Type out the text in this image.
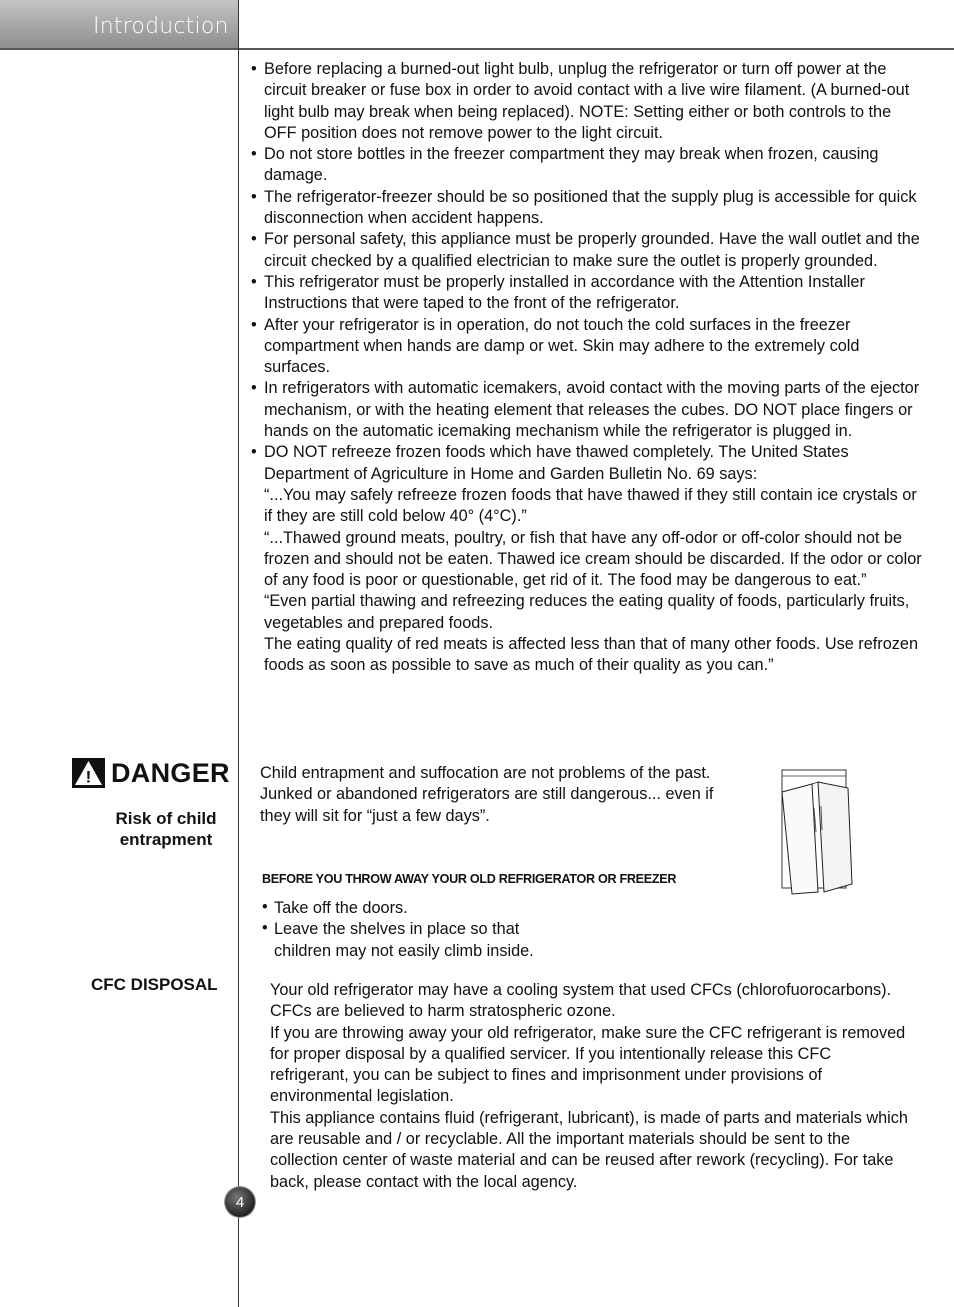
Introduction

• Before replacing a burned-out light bulb, unplug the refrigerator or turn off power at the circuit breaker or fuse box in order to avoid contact with a live wire filament. (A burned-out light bulb may break when being replaced). NOTE: Setting either or both controls to the OFF position does not remove power to the light circuit.

• Do not store bottles in the freezer compartment they may break when frozen, causing damage.

• The refrigerator-freezer should be so positioned that the supply plug is accessible for quick disconnection when accident happens.

• For personal safety, this appliance must be properly grounded. Have the wall outlet and the circuit checked by a qualified electrician to make sure the outlet is properly grounded.

• This refrigerator must be properly installed in accordance with the Attention Installer Instructions that were taped to the front of the refrigerator.

• After your refrigerator is in operation, do not touch the cold surfaces in the freezer compartment when hands are damp or wet. Skin may adhere to the extremely cold surfaces.

• In refrigerators with automatic icemakers, avoid contact with the moving parts of the ejector mechanism, or with the heating element that releases the cubes. DO NOT place fingers or hands on the automatic icemaking mechanism while the refrigerator is plugged in.

• DO NOT refreeze frozen foods which have thawed completely. The United States Department of Agriculture in Home and Garden Bulletin No. 69 says:

“...You may safely refreeze frozen foods that have thawed if they still contain ice crystals or if they are still cold below 40° (4°C).”

“...Thawed ground meats, poultry, or fish that have any off-odor or off-color should not be frozen and should not be eaten. Thawed ice cream should be discarded. If the odor or color of any food is poor or questionable, get rid of it. The food may be dangerous to eat.”

“Even partial thawing and refreezing reduces the eating quality of foods, particularly fruits, vegetables and prepared foods.

The eating quality of red meats is affected less than that of many other foods. Use refrozen foods as soon as possible to save as much of their quality as you can.”

! DANGER
Risk of child entrapment

Child entrapment and suffocation are not problems of the past. Junked or abandoned refrigerators are still dangerous... even if they will sit for “just a few days”.

BEFORE YOU THROW AWAY YOUR OLD REFRIGERATOR OR FREEZER

• Take off the doors.
• Leave the shelves in place so that children may not easily climb inside.
CFC DISPOSAL	Your old refrigerator may have a cooling system that used CFCs (chlorofuorocarbons). CFCs are believed to harm stratospheric ozone.

If you are throwing away your old refrigerator, make sure the CFC refrigerant is removed for proper disposal by a qualified servicer. If you intentionally release this CFC refrigerant, you can be subject to fines and imprisonment under provisions of environmental legislation.

This appliance contains fluid (refrigerant, lubricant), is made of parts and materials which are reusable and / or recyclable. All the important materials should be sent to the collection center of waste material and can be reused after rework (recycling). For take back, please contact with the local agency.

4
